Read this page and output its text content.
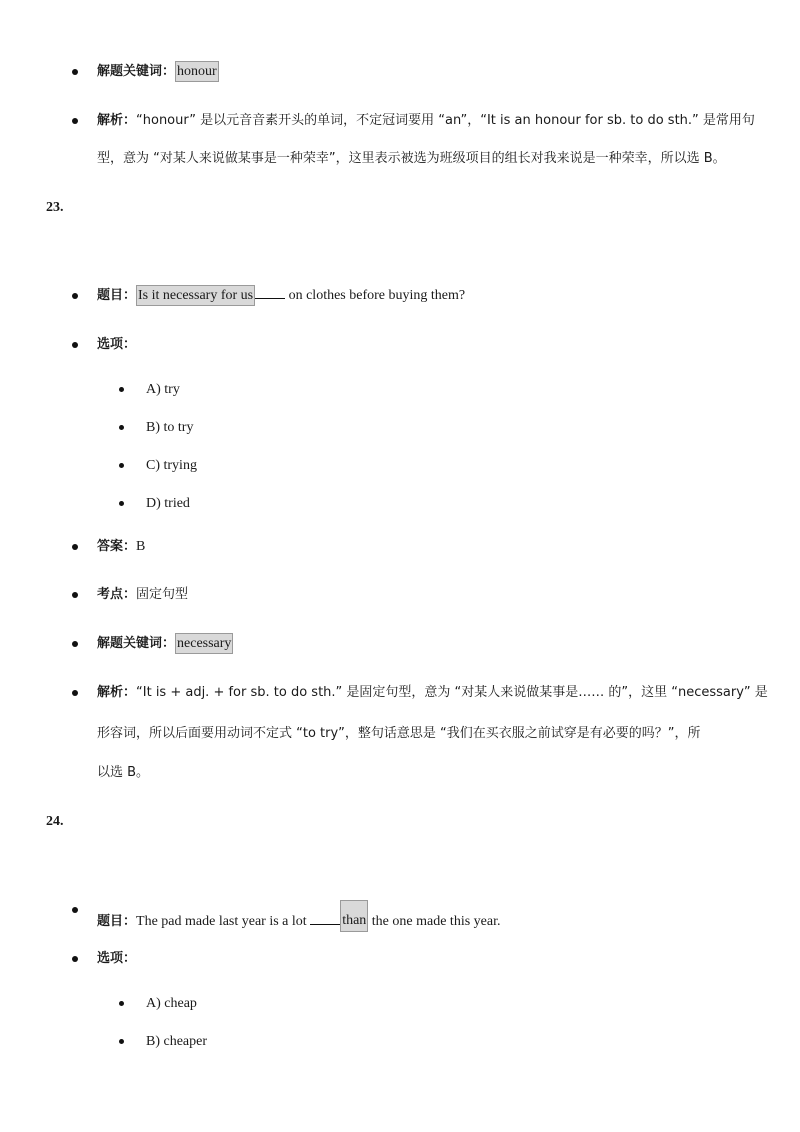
解题关键词： honour
解析：“honour” 是以元音音素开头的单词，不定冠词要用 “an”，“It is an honour for sb. to do sth.” 是常用句
型，意为 “对某人来说做某事是一种荣幸”，这里表示被选为班级项目的组长对我来说是一种荣幸，所以选 B。
23.
题目： Is it necessary for us on clothes before buying them?
选项：
A) try
B) to try
C) trying
D) tried
答案：B
考点：固定句型
解题关键词： necessary
解析：“It is + adj. + for sb. to do sth.” 是固定句型，意为 “对某人来说做某事是…… 的”，这里 “necessary” 是
形容词，所以后面要用动词不定式 “to try”，整句话意思是 “我们在买衣服之前试穿是有必要的吗？”，所
以选 B。
24.
题目：The pad made last year is a lot than the one made this year.
选项：
A) cheap
B) cheaper
